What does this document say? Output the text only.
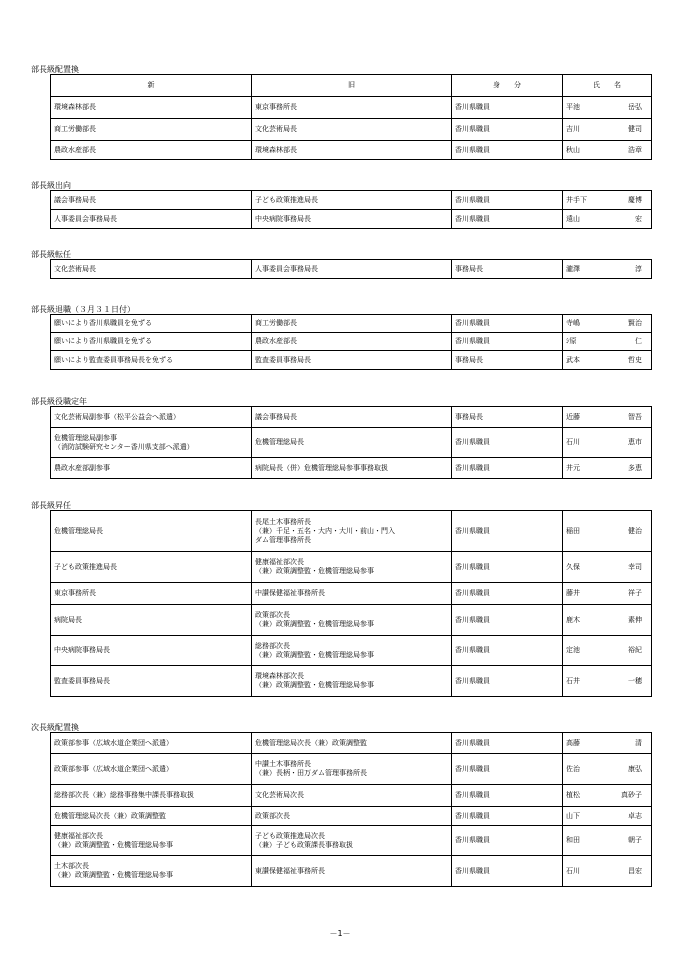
部長級配置換
新	旧	身　　分	氏　　名
環境森林部長	東京事務所長	香川県職員	平池 岳弘

商工労働部長	文化芸術局長	香川県職員	吉川 健司

農政水産部長	環境森林部長	香川県職員	秋山 浩章
部長級出向
議会事務局長	子ども政策推進局長	香川県職員	井手下 慶博

人事委員会事務局長	中央病院事務局長	香川県職員	遠山 宏
部長級転任
文化芸術局長	人事委員会事務局長	事務局長	瀧澤	淳
部長級退職（３月３１日付）
願いにより香川県職員を免ずる	商工労働部長	香川県職員	寺嶋 賢治

願いにより香川県職員を免ずる	農政水産部長	香川県職員	ｼ原 仁

願いにより監査委員事務局長を免ずる	監査委員事務局長	事務局長	武本 哲史
部長級役職定年
文化芸術局副参事（松平公益会へ派遣）	議会事務局長	事務局長	近藤 智吾

危機管理総局副参事
（消防試験研究センター香川県支部へ派遣）	危機管理総局長	香川県職員	石川 恵市

農政水産部副参事	病院局長（併）危機管理総局参事事務取扱	香川県職員	井元 多恵
部長級昇任
危機管理総局長	長尾土木事務所長
（兼）千足・五名・大内・大川・前山・門入
ダム管理事務所長	香川県職員	稲田 健治

子ども政策推進局長	健康福祉部次長
（兼）政策調整監・危機管理総局参事	香川県職員	久保 幸司

東京事務所長	中讃保健福祉事務所長	香川県職員	藤井 祥子

病院局長	政策部次長
（兼）政策調整監・危機管理総局参事	香川県職員	鹿木 素伸

中央病院事務局長	総務部次長
（兼）政策調整監・危機管理総局参事	香川県職員	定池 裕紀

監査委員事務局長	環境森林部次長
（兼）政策調整監・危機管理総局参事	香川県職員	石井 一穂
次長級配置換
政策部参事（広域水道企業団へ派遣）	危機管理総局次長（兼）政策調整監	香川県職員	高藤 清

政策部参事（広域水道企業団へ派遣）	中讃土木事務所長
（兼）長柄・田万ダム管理事務所長	香川県職員	佐治 康弘

総務部次長（兼）総務事務集中課長事務取扱	文化芸術局次長	香川県職員	植松 真砂子

危機管理総局次長（兼）政策調整監	政策部次長	香川県職員	山下 卓志

健康福祉部次長
（兼）政策調整監・危機管理総局参事	子ども政策推進局次長
（兼）子ども政策課長事務取扱	香川県職員	和田 朝子

土木部次長
（兼）政策調整監・危機管理総局参事	東讃保健福祉事務所長	香川県職員	石川 昌宏
－1－
